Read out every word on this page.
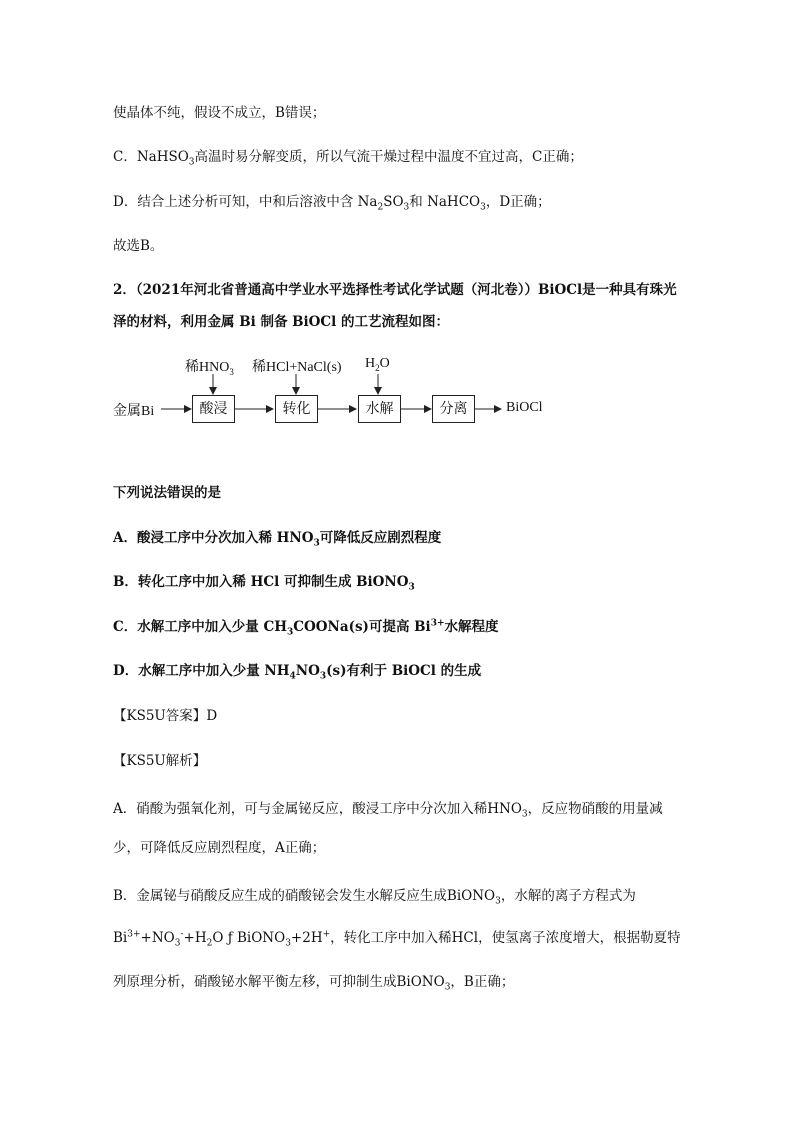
使晶体不纯，假设不成立，B错误；
C．NaHSO$_3$高温时易分解变质，所以气流干燥过程中温度不宜过高，C正确；
D．结合上述分析可知，中和后溶液中含 $Na_2SO_3$和 NaHCO$_3$，D正确；
故选B。
2．（2021年河北省普通高中学业水平选择性考试化学试题（河北卷））BiOCl是一种具有珠光
泽的材料，利用金属 Bi 制备 BiOCl 的工艺流程如图：
金属Bi	BiOCl
稀$HNO_3$ 稀HCl+NaCl(s) $H_2O$
酸浸	转化	水解	分离
下列说法错误的是
A．酸浸工序中分次加入稀 $HNO_3$可降低反应剧烈程度
B．转化工序中加入稀 HCl 可抑制生成 BiONO$_3$
C．水解工序中加入少量 $CH_3COONa(s)$可提高 $Bi^{3+}$水解程度
D．水解工序中加入少量 $NH_4NO_3(s)$有利于 BiOCl 的生成
【KS5U答案】D
【KS5U解析】
A．硝酸为强氧化剂，可与金属铋反应，酸浸工序中分次加入稀$HNO_3$，反应物硝酸的用量减
少，可降低反应剧烈程度，A正确；
B．金属铋与硝酸反应生成的硝酸铋会发生水解反应生成BiONO$_3$，水解的离子方程式为
$Bi^{3+}+NO_3^-+H_2O$ ƒ BiONO$_3$+2H+，转化工序中加入稀HCl，使氢离子浓度增大，根据勒夏特
列原理分析，硝酸铋水解平衡左移，可抑制生成BiONO$_3$，B正确；
